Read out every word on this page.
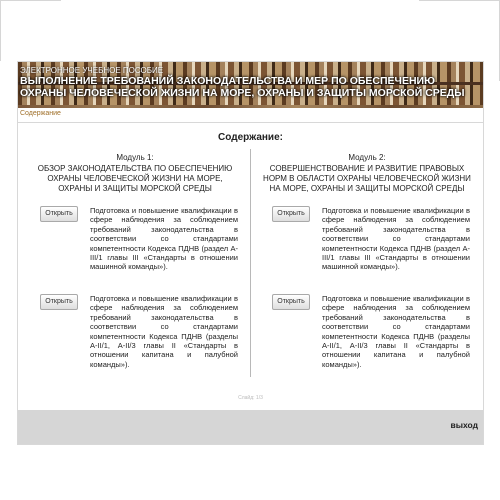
ЭЛЕКТРОННОЕ УЧЕБНОЕ ПОСОБИЕ
ВЫПОЛНЕНИЕ ТРЕБОВАНИЙ ЗАКОНОДАТЕЛЬСТВА И МЕР ПО ОБЕСПЕЧЕНИЮ ОХРАНЫ ЧЕЛОВЕЧЕСКОЙ ЖИЗНИ НА МОРЕ, ОХРАНЫ И ЗАЩИТЫ МОРСКОЙ СРЕДЫ
Содержание
Содержание:
Модуль 1:
ОБЗОР ЗАКОНОДАТЕЛЬСТВА ПО ОБЕСПЕЧЕНИЮ ОХРАНЫ ЧЕЛОВЕЧЕСКОЙ ЖИЗНИ НА МОРЕ, ОХРАНЫ И ЗАЩИТЫ МОРСКОЙ СРЕДЫ
Открыть	Подготовка и повышение квалификации в сфере наблюдения за соблюдением требований законодательства в соответствии со стандартами компетентности Кодекса ПДНВ (раздел А-III/1 главы III «Стандарты в отношении машинной команды»).
Открыть	Подготовка и повышение квалификации в сфере наблюдения за соблюдением требований законодательства в соответствии со стандартами компетентности Кодекса ПДНВ (разделы А-II/1, А-II/3 главы II «Стандарты в отношении капитана и палубной команды»).
Модуль 2:
СОВЕРШЕНСТВОВАНИЕ И РАЗВИТИЕ ПРАВОВЫХ НОРМ В ОБЛАСТИ ОХРАНЫ ЧЕЛОВЕЧЕСКОЙ ЖИЗНИ НА МОРЕ, ОХРАНЫ И ЗАЩИТЫ МОРСКОЙ СРЕДЫ
Открыть	Подготовка и повышение квалификации в сфере наблюдения за соблюдением требований законодательства в соответствии со стандартами компетентности Кодекса ПДНВ (раздел А-III/1 главы III «Стандарты в отношении машинной команды»).
Открыть	Подготовка и повышение квалификации в сфере наблюдения за соблюдением требований законодательства в соответствии со стандартами компетентности Кодекса ПДНВ (разделы А-II/1, А-II/3 главы II «Стандарты в отношении капитана и палубной команды»).
Слайд: 1/3
выход
